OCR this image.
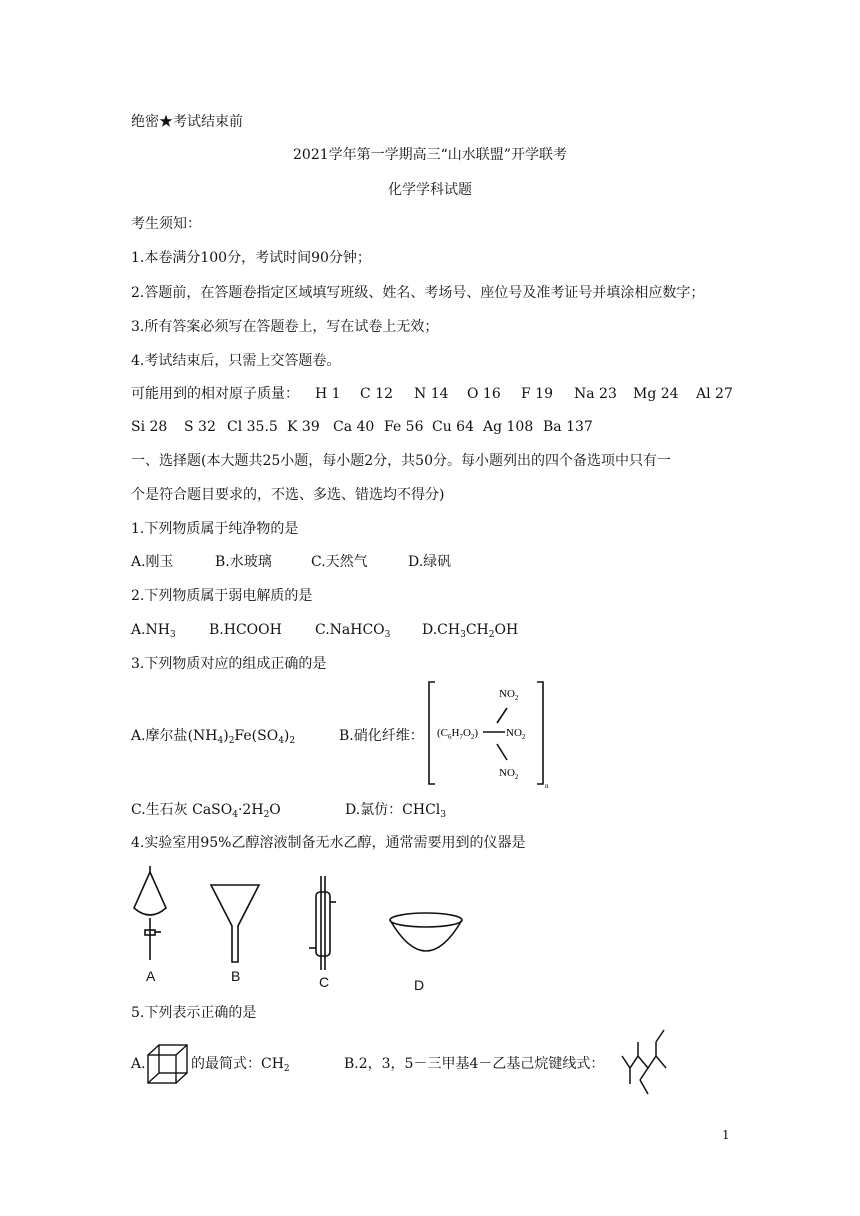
绝密★考试结束前
2021学年第一学期高三“山水联盟”开学联考
化学学科试题
考生须知：
1.本卷满分100分，考试时间90分钟；
2.答题前，在答题卷指定区域填写班级、姓名、考场号、座位号及准考证号并填涂相应数字；
3.所有答案必须写在答题卷上，写在试卷上无效；
4.考试结束后，只需上交答题卷。
可能用到的相对原子质量： H 1 C 12 N 14 O 16 F 19 Na 23 Mg 24 Al 27
Si 28 S 32 Cl 35.5 K 39 Ca 40 Fe 56 Cu 64 Ag 108 Ba 137
一、选择题(本大题共25小题，每小题2分，共50分。每小题列出的四个备选项中只有一
个是符合题目要求的，不选、多选、错选均不得分)
1.下列物质属于纯净物的是
A.刚玉	B.水玻璃	C.天然气	D.绿矾
2.下列物质属于弱电解质的是
$A.NH_3$ B.HCOOH C.NaHCO$_3$ $D.CH_3CH_2OH$
3.下列物质对应的组成正确的是
A.摩尔盐$(NH_4)_2Fe(SO_4)_2$	B.硝化纤维：
$NO_2$
$(C_6H_7O_2)$	$NO_2$
$NO_2$
n
C.生石灰 $CaSO_4\cdot 2H_2O$	D.氯仿：CHCl$_3$
4.实验室用95%乙醇溶液制备无水乙醇，通常需要用到的仪器是
A	B	C	D
5.下列表示正确的是
A.	的最简式：$CH_2$	B.2，3，5－三甲基4－乙基己烷键线式：
1
